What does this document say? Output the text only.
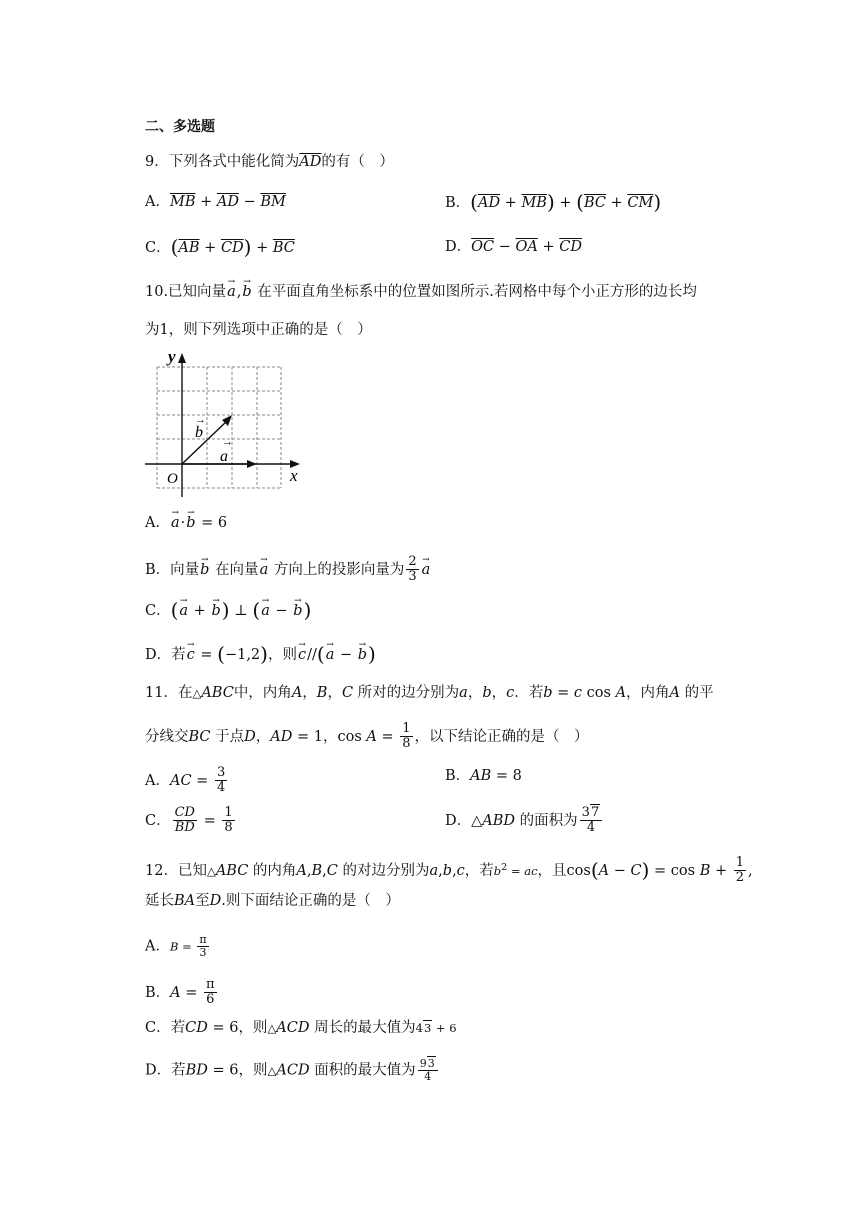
二、多选题
9．下列各式中能化简为$\overline{AD}$的有（　）
A．$\overline{MB} + \overline{AD} - \overline{BM}$	B．$(\overline{AD} + \overline{MB}) + (\overline{BC} + \overline{CM})$
C．$(\overline{AB} + \overline{CD}) + \overline{BC}$	D．$\overline{OC} - \overline{OA} + \overline{CD}$
10.已知向量→ a,→ b 在平面直角坐标系中的位置如图所示.若网格中每个小正方形的边长均
为1，则下列选项中正确的是（　）
y
x
O
a
→
b
→
A．→ a·→ b = 6
B．向量→ b 在向量→ a 方向上的投影向量为 $\frac{2}{3} \to a$
C．(→ a + → b) ⊥ (→ a − → b)
D．若→ c = (−1,2)，则→ c//(→ a − → b)
11．在△ABC中，内角A，B，C 所对的边分别为a，b，c．若b = c cos A，内角A 的平
分线交BC 于点D，AD = 1，$\cos A = \frac{1}{8}$ ，以下结论正确的是（　）
A．AC = $\frac{3}{4}$	B．AB = 8
C． $\frac{CD}{BD} = \frac{1}{8}$	D．△ABD 的面积为 $\frac{37}{4}$
12．已知△ABC 的内角A,B,C 的对边分别为a,b,c，若$b^2$ = ac，且$\cos(A - C) = \cos B + \frac{1}{2}$ ,
延长BA至D.则下面结论正确的是（　）
A．$B = \frac{\pi}{3}$
B．$A = \frac{\pi}{6}$
C．若CD = 6，则△ACD 周长的最大值为43 + 6
D．若BD = 6，则△ACD 面积的最大值为 $\frac{93}{4}$
